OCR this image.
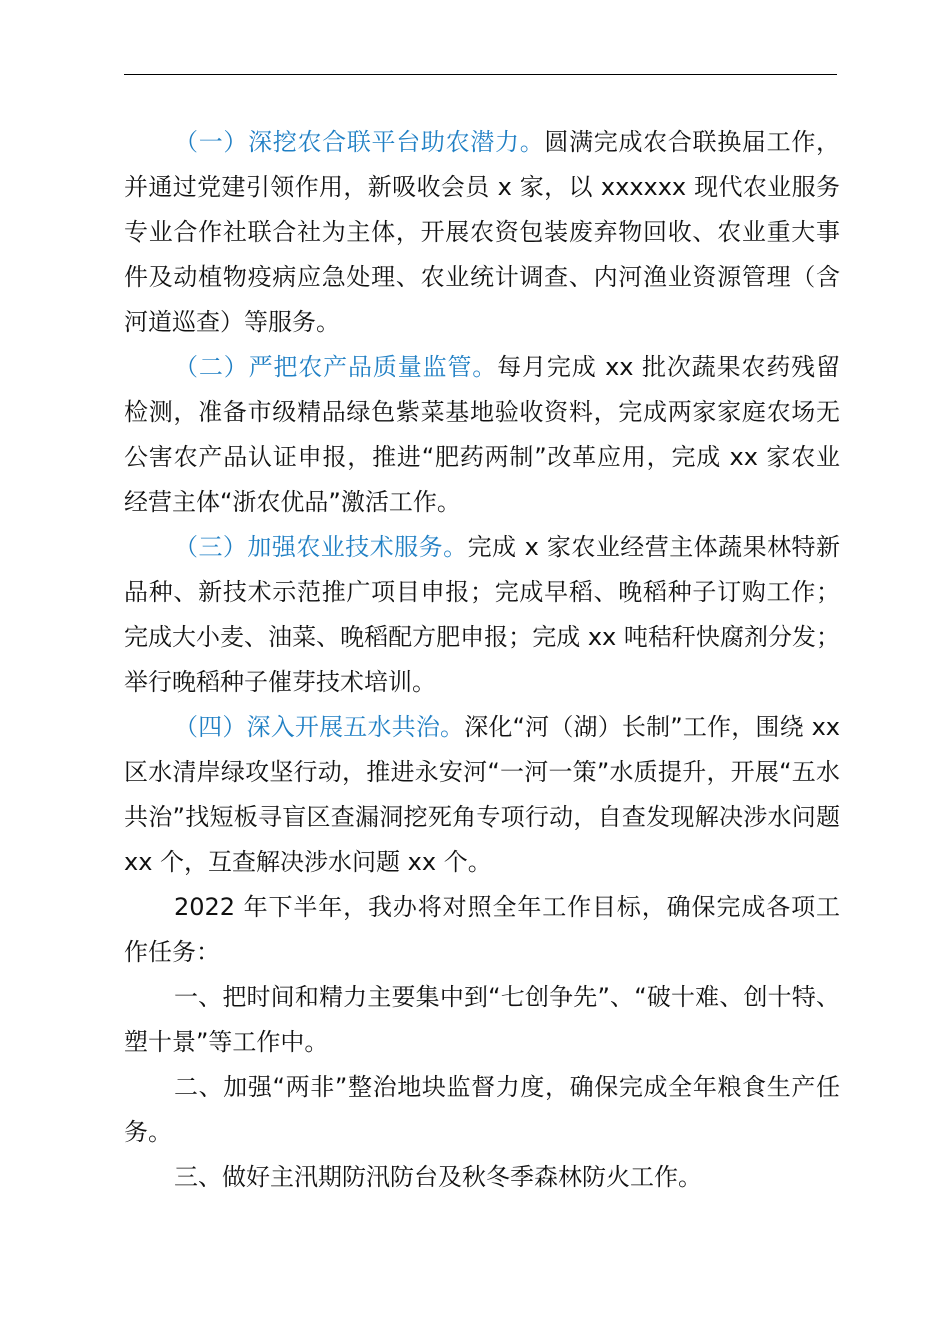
（一）深挖农合联平台助农潜力。圆满完成农合联换届工作，并通过党建引领作用，新吸收会员 x 家，以 xxxxxx 现代农业服务专业合作社联合社为主体，开展农资包装废弃物回收、农业重大事件及动植物疫病应急处理、农业统计调查、内河渔业资源管理（含河道巡查）等服务。

（二）严把农产品质量监管。每月完成 xx 批次蔬果农药残留检测，准备市级精品绿色紫菜基地验收资料，完成两家家庭农场无公害农产品认证申报，推进“肥药两制”改革应用，完成 xx 家农业经营主体“浙农优品”激活工作。

（三）加强农业技术服务。完成 x 家农业经营主体蔬果林特新品种、新技术示范推广项目申报；完成早稻、晚稻种子订购工作；完成大小麦、油菜、晚稻配方肥申报；完成 xx 吨秸秆快腐剂分发；举行晚稻种子催芽技术培训。

（四）深入开展五水共治。深化“河（湖）长制”工作，围绕 xx 区水清岸绿攻坚行动，推进永安河“一河一策”水质提升，开展“五水共治”找短板寻盲区查漏洞挖死角专项行动，自查发现解决涉水问题 xx 个，互查解决涉水问题 xx 个。

2022 年下半年，我办将对照全年工作目标，确保完成各项工作任务：

一、把时间和精力主要集中到“七创争先”、“破十难、创十特、塑十景”等工作中。

二、加强“两非”整治地块监督力度，确保完成全年粮食生产任务。

三、做好主汛期防汛防台及秋冬季森林防火工作。
